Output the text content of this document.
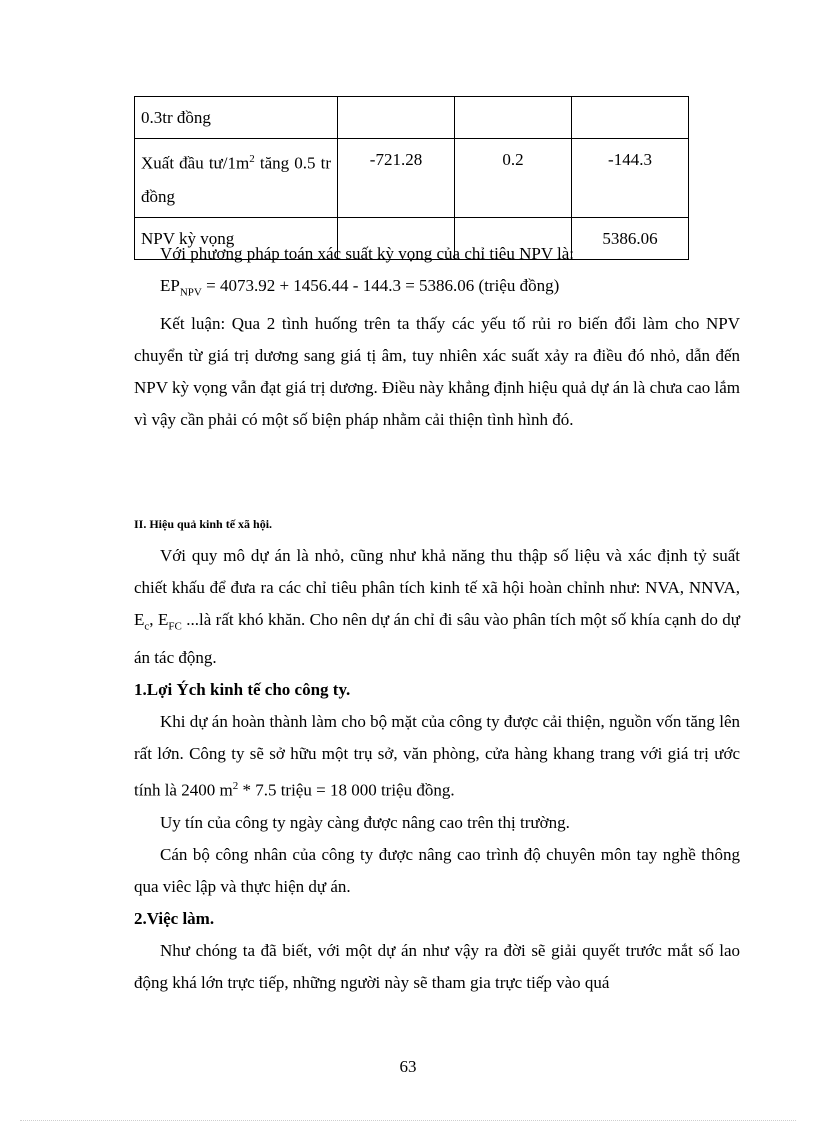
0.3tr đồng			
Xuất đầu $tư/1m^2$ tăng 0.5 tr đồng	-721.28	0.2	-144.3
NPV kỳ vọng			5386.06

Với phương pháp toán xác suất kỳ vọng của chỉ tiêu NPV là:

$EP_{NPV} = 4073.92 + 1456.44 - 144.3 = 5386.06$ (triệu đồng)

Kết luận: Qua 2 tình huống trên ta thấy các yếu tố rủi ro biến đổi làm cho NPV chuyển từ giá trị dương sang giá tị âm, tuy nhiên xác suất xảy ra điều đó nhỏ, dẫn đến NPV kỳ vọng vẫn đạt giá trị dương. Điều này khẳng định hiệu quả dự án là chưa cao lắm vì vậy cần phải có một số biện pháp nhằm cải thiện tình hình đó.

II. Hiệu quả kinh tế xã hội.

Với quy mô dự án là nhỏ, cũng như khả năng thu thập số liệu và xác định tỷ suất chiết khấu để đưa ra các chỉ tiêu phân tích kinh tế xã hội hoàn chỉnh như: NVA, NNVA, $E_c$, $E_{FC}$ ...là rất khó khăn. Cho nên dự án chỉ đi sâu vào phân tích một số khía cạnh do dự án tác động.

1.Lợi Ých kinh tế cho công ty.

Khi dự án hoàn thành làm cho bộ mặt của công ty được cải thiện, nguồn vốn tăng lên rất lớn. Công ty sẽ sở hữu một trụ sở, văn phòng, cửa hàng khang trang với giá trị ước tính là 2400 $m^2 * 7.5$ triệu = 18 000 triệu đồng.

Uy tín của công ty ngày càng được nâng cao trên thị trường.

Cán bộ công nhân của công ty được nâng cao trình độ chuyên môn tay nghề thông qua viêc lập và thực hiện dự án.

2.Việc làm.

Như chóng ta đã biết, với một dự án như vậy ra đời sẽ giải quyết trước mắt số lao động khá lớn trực tiếp, những người này sẽ tham gia trực tiếp vào quá

63
